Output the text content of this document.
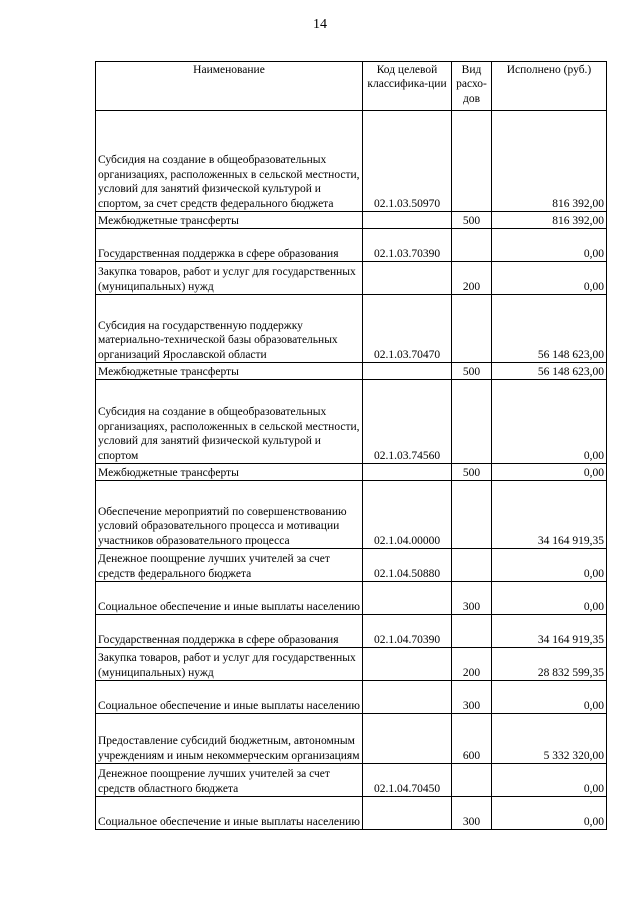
14
Наименование	Код целевой классифика-ции	Вид расхо-дов	Исполнено (руб.)
Субсидия на создание в общеобразовательных организациях, расположенных в сельской местности, условий для занятий физической культурой и спортом, за счет средств федерального бюджета	02.1.03.50970		816 392,00
Межбюджетные трансферты		500	816 392,00
Государственная поддержка в сфере образования	02.1.03.70390		0,00
Закупка товаров, работ и услуг для государственных (муниципальных) нужд		200	0,00
Субсидия на государственную поддержку материально-технической базы образовательных организаций Ярославской области	02.1.03.70470		56 148 623,00
Межбюджетные трансферты		500	56 148 623,00
Субсидия на создание в общеобразовательных организациях, расположенных в сельской местности, условий для занятий физической культурой и спортом	02.1.03.74560		0,00
Межбюджетные трансферты		500	0,00
Обеспечение мероприятий по совершенствованию условий образовательного процесса и мотивации участников образовательного процесса	02.1.04.00000		34 164 919,35
Денежное поощрение лучших учителей за счет средств федерального бюджета	02.1.04.50880		0,00
Социальное обеспечение и иные выплаты населению		300	0,00
Государственная поддержка в сфере образования	02.1.04.70390		34 164 919,35
Закупка товаров, работ и услуг для государственных (муниципальных) нужд		200	28 832 599,35
Социальное обеспечение и иные выплаты населению		300	0,00
Предоставление субсидий бюджетным, автономным учреждениям и иным некоммерческим организациям		600	5 332 320,00
Денежное поощрение лучших учителей за счет средств областного бюджета	02.1.04.70450		0,00
Социальное обеспечение и иные выплаты населению		300	0,00
